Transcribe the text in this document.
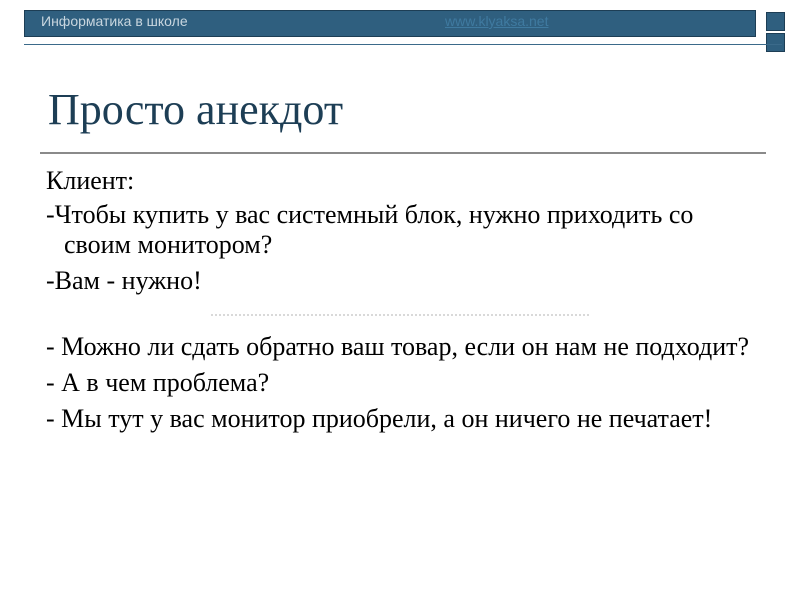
Информатика в школе	www.klyaksa.net
Просто анекдот

Клиент:

-Чтобы купить у вас системный блок, нужно приходить со своим монитором?

-Вам - нужно!

- Можно ли сдать обратно ваш товар, если он нам не подходит?

- А в чем проблема?

- Мы тут у вас монитор приобрели, а он ничего не печатает!
